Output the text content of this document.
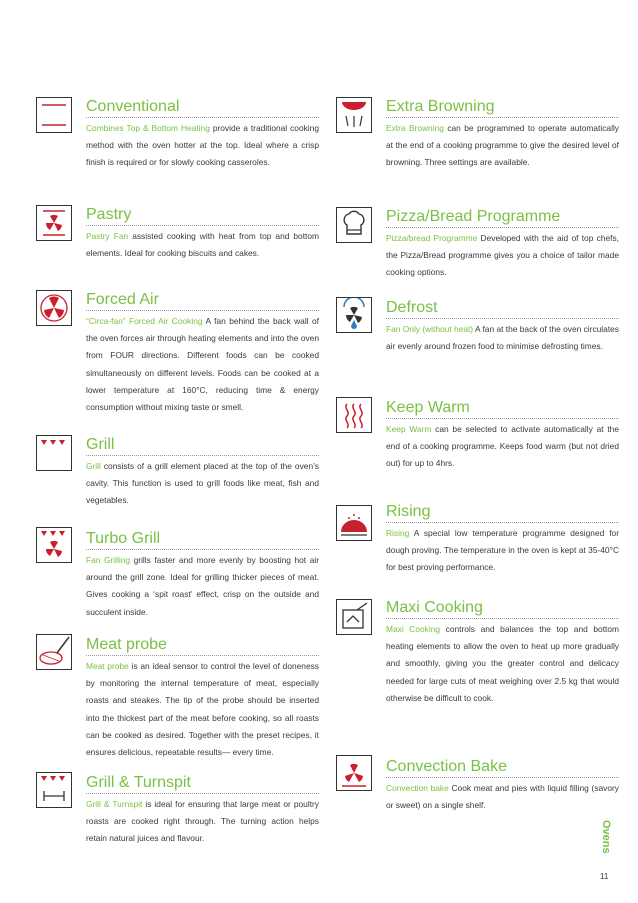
Conventional
Combines Top & Bottom Heating provide a traditional cooking method with the oven hotter at the top. Ideal where a crisp finish is required or for slowly cooking casseroles.
Pastry
Pastry Fan assisted cooking with heat from top and bottom elements. Ideal for cooking biscuits and cakes.
Forced Air
“Circa-fan” Forced Air Cooking A fan behind the back wall of the oven forces air through heating elements and into the oven from FOUR directions. Different foods can be cooked simultaneously on different levels. Foods can be cooked at a lower temperature at 160°C, reducing time & energy consumption without mixing taste or smell.
Grill
Grill consists of a grill element placed at the top of the oven’s cavity. This function is used to grill foods like meat, fish and vegetables.
Turbo Grill
Fan Grilling grills faster and more evenly by boosting hot air around the grill zone. Ideal for grilling thicker pieces of meat. Gives cooking a ‘spit roast’ effect, crisp on the outside and succulent inside.
Meat probe
Meat probe is an ideal sensor to control the level of doneness by monitoring the internal temperature of meat, especially roasts and steakes. The tip of the probe should be inserted into the thickest part of the meat before cooking, so all roasts can be cooked as desired. Together with the preset recipes, it ensures delicious, repeatable results— every time.
Grill & Turnspit
Grill & Turnspit is ideal for ensuring that large meat or poultry roasts are cooked right through. The turning action helps retain natural juices and flavour.
Extra Browning
Extra Browning can be programmed to operate automatically at the end of a cooking programme to give the desired level of browning. Three settings are available.
Pizza/Bread Programme
Pizza/bread Programme Developed with the aid of top chefs, the Pizza/Bread programme gives you a choice of tailor made cooking options.
Defrost
Fan Only (without heat) A fan at the back of the oven circulates air evenly around frozen food to minimise defrosting times.
Keep Warm
Keep Warm can be selected to activate automatically at the end of a cooking programme. Keeps food warm (but not dried out) for up to 4hrs.
Rising
Rising A special low temperature programme designed for dough proving. The temperature in the oven is kept at 35-40°C for best proving performance.
Maxi Cooking
Maxi Cooking controls and balances the top and bottom heating elements to allow the oven to heat up more gradually and smoothly, giving you the greater control and delicacy needed for large cuts of meat weighing over 2.5 kg that would otherwise be difficult to cook.
Convection Bake
Convection bake Cook meat and pies with liquid filling (savory or sweet) on a single shelf.
Ovens
11
